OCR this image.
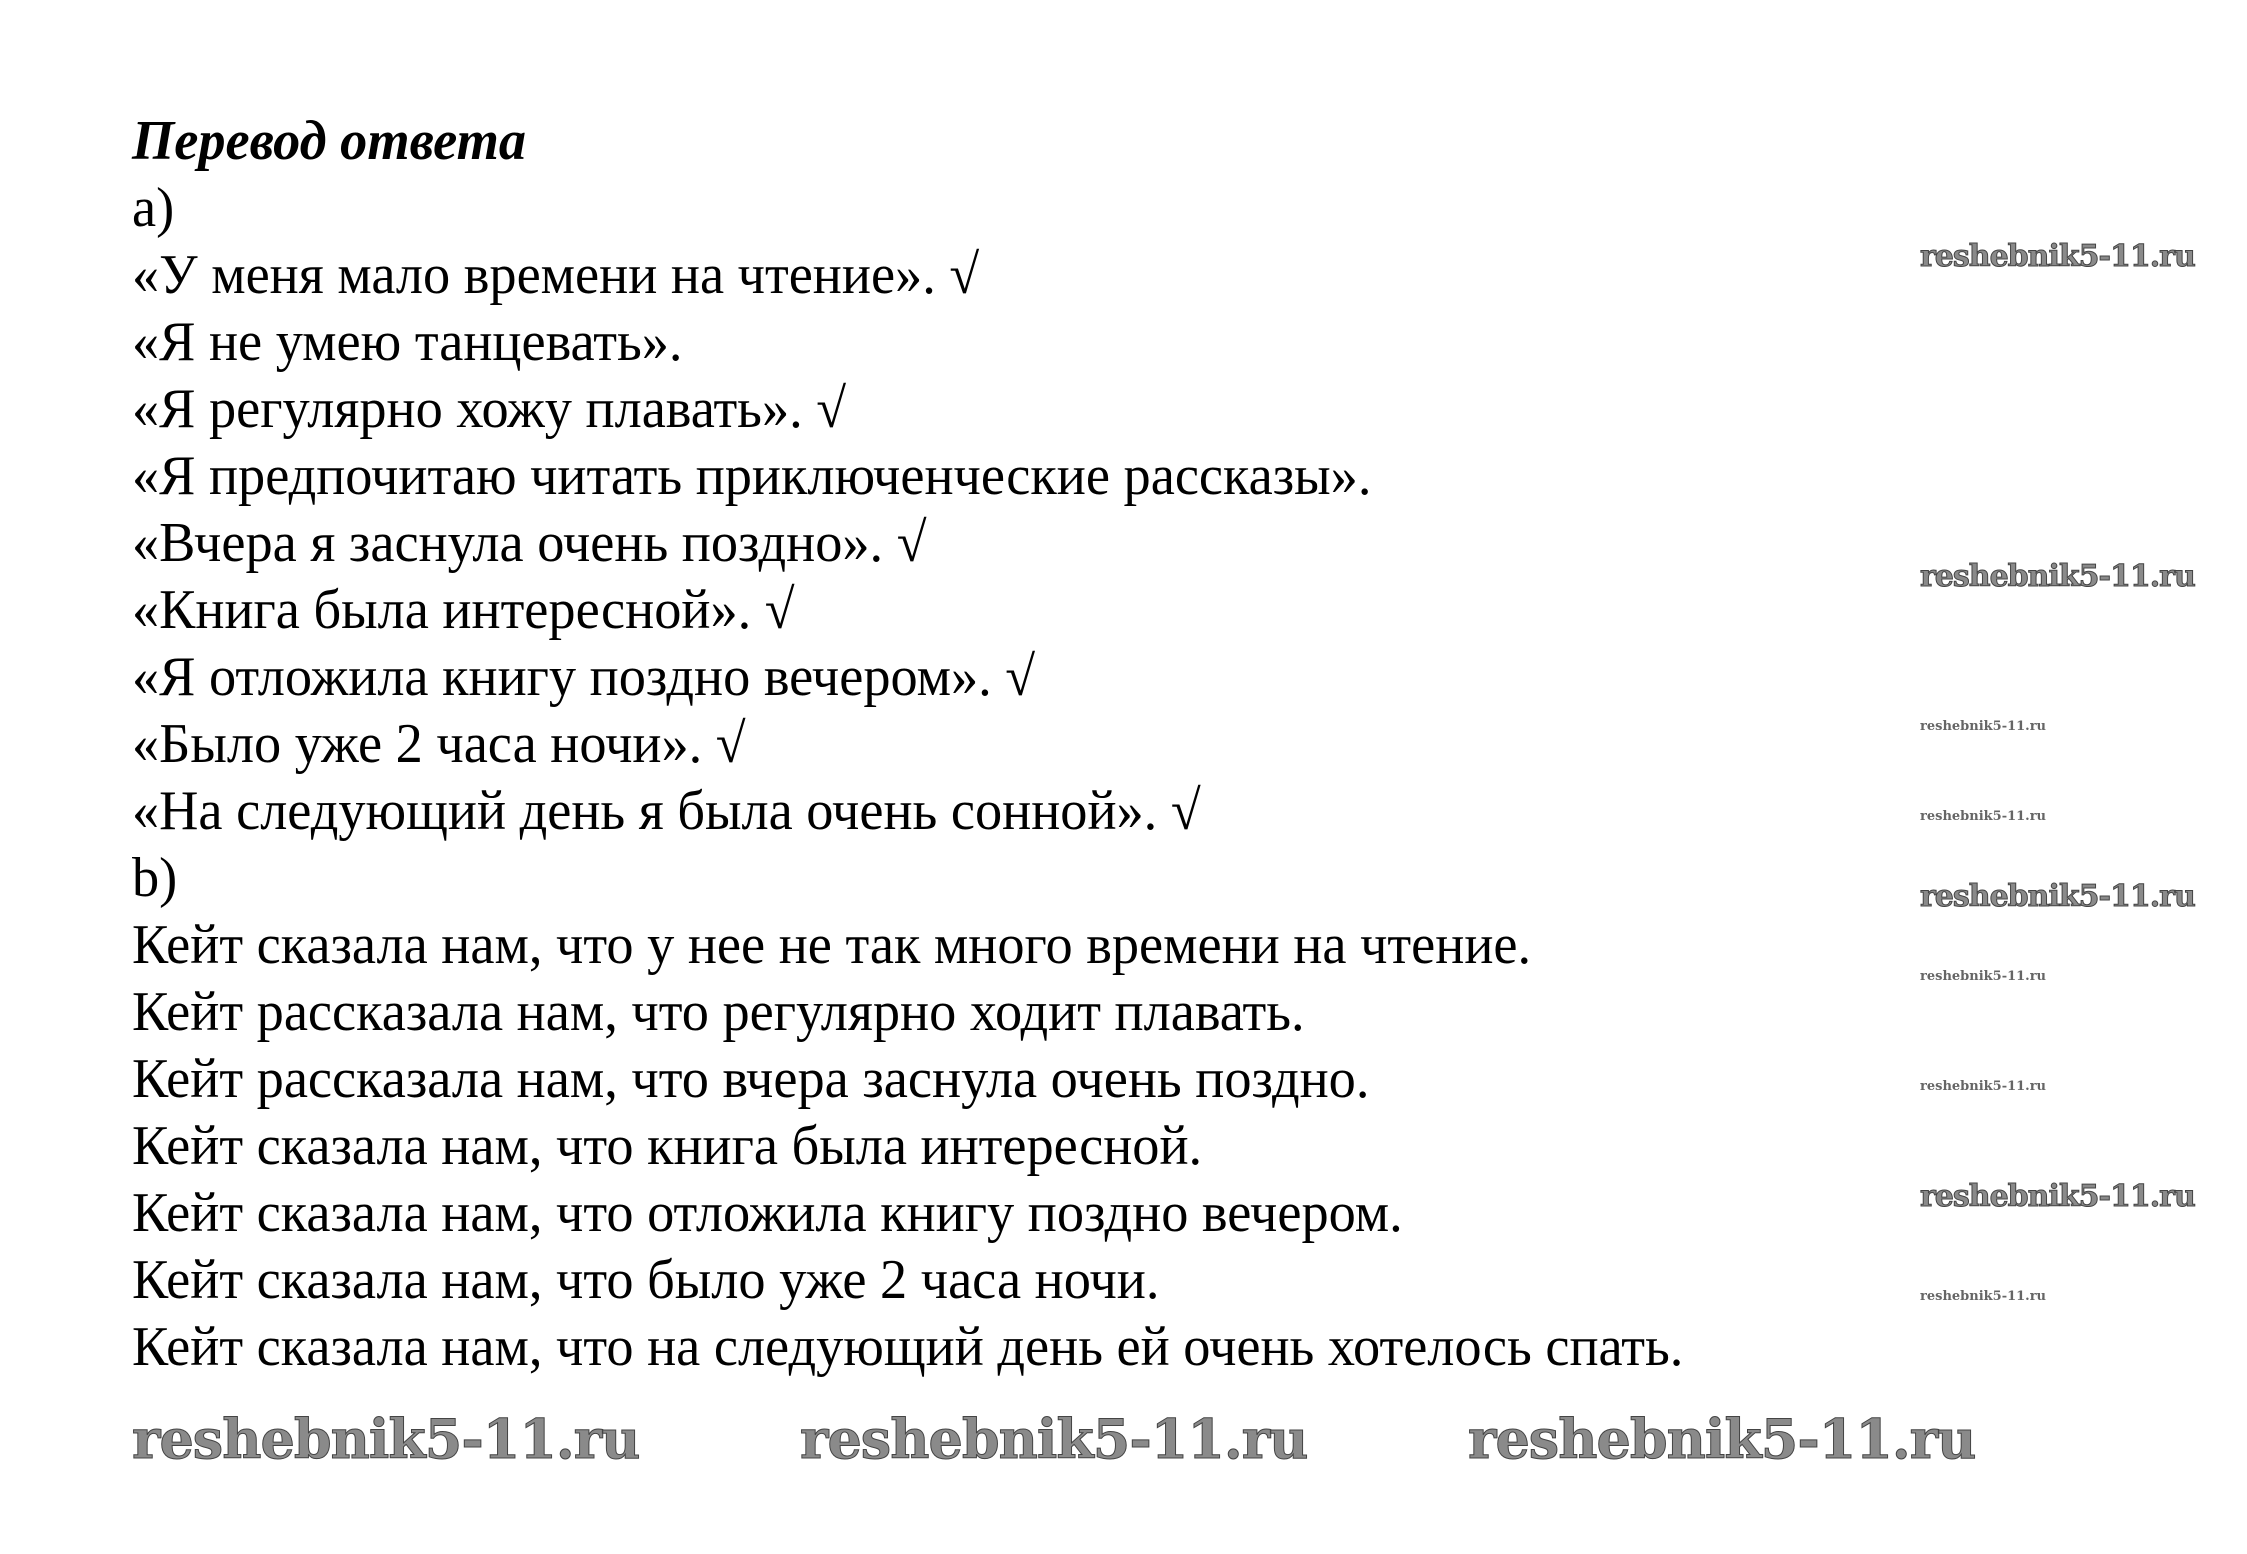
Перевод ответа
a)
«У меня мало времени на чтение». √
«Я не умею танцевать».
«Я регулярно хожу плавать». √
«Я предпочитаю читать приключенческие рассказы».
«Вчера я заснула очень поздно». √
«Книга была интересной». √
«Я отложила книгу поздно вечером». √
«Было уже 2 часа ночи». √
«На следующий день я была очень сонной». √
b)
Кейт сказала нам, что у нее не так много времени на чтение.
Кейт рассказала нам, что регулярно ходит плавать.
Кейт рассказала нам, что вчера заснула очень поздно.
Кейт сказала нам, что книга была интересной.
Кейт сказала нам, что отложила книгу поздно вечером.
Кейт сказала нам, что было уже 2 часа ночи.
Кейт сказала нам, что на следующий день ей очень хотелось спать.
reshebnik5-11.ru
reshebnik5-11.ru
reshebnik5-11.ru
reshebnik5-11.ru
reshebnik5-11.ru
reshebnik5-11.ru
reshebnik5-11.ru
reshebnik5-11.ru
reshebnik5-11.ru
reshebnik5-11.ru	reshebnik5-11.ru	reshebnik5-11.ru
